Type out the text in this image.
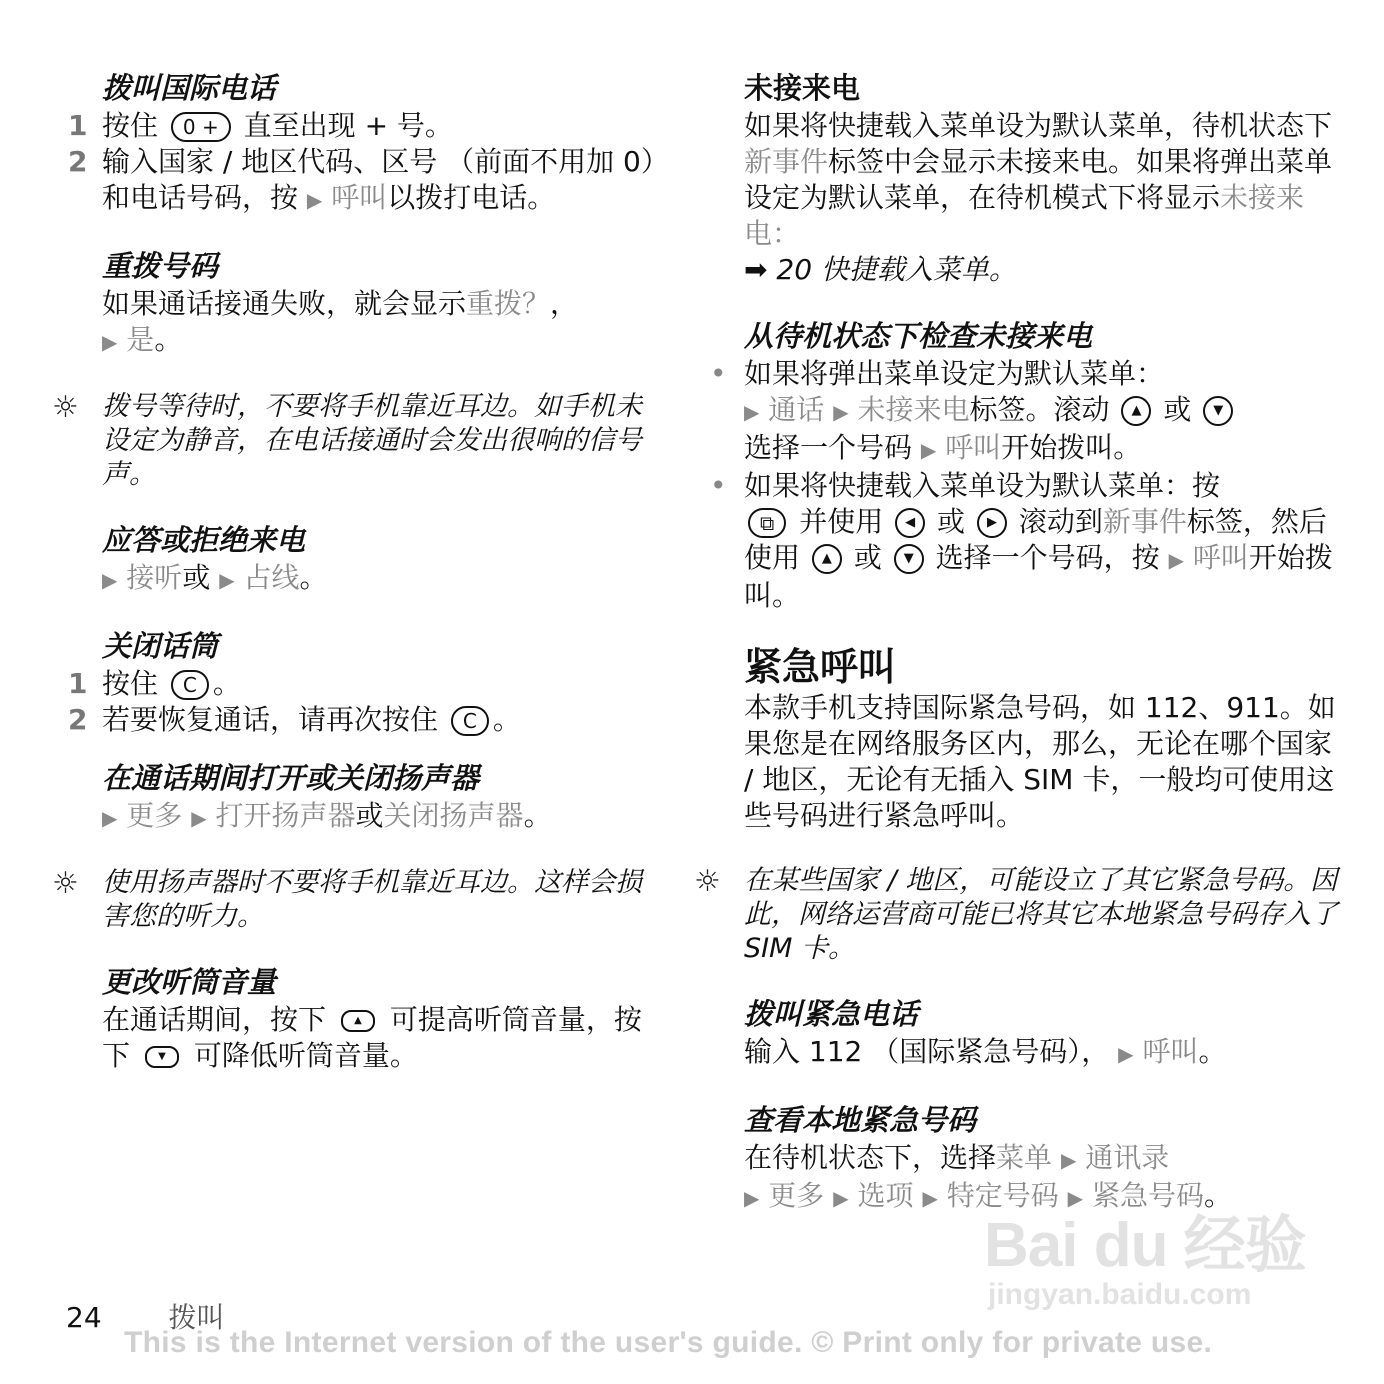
拨叫国际电话
1 按住 0 + 直至出现 + 号。
2 输入国家 / 地区代码、区号 （前面不用加 0）和电话号码，按 ▶ 呼叫以拨打电话。
重拨号码
如果通话接通失败，就会显示重拨？，
▶ 是。
☼ 拨号等待时，不要将手机靠近耳边。如手机未设定为静音，在电话接通时会发出很响的信号声。
应答或拒绝来电
▶ 接听或 ▶ 占线。
关闭话筒
1 按住 C 。
2 若要恢复通话，请再次按住 C 。
在通话期间打开或关闭扬声器
▶ 更多 ▶ 打开扬声器或关闭扬声器。
☼ 使用扬声器时不要将手机靠近耳边。这样会损害您的听力。
更改听筒音量
在通话期间，按下	▲ 可提高听筒音量，按下	▼ 可降低听筒音量。
未接来电
如果将快捷载入菜单设为默认菜单，待机状态下新事件标签中会显示未接来电。如果将弹出菜单设定为默认菜单，在待机模式下将显示未接来电：
➡ 20 快捷载入菜单。
从待机状态下检查未接来电
• 如果将弹出菜单设定为默认菜单：
▶ 通话 ▶ 未接来电标签。滚动 ▲ 或 ▼
选择一个号码 ▶ 呼叫开始拨叫。
• 如果将快捷载入菜单设为默认菜单：按
⧉ 并使用 ◀ 或 ▶ 滚动到新事件标签，然后使用 ▲ 或 ▼ 选择一个号码，按 ▶ 呼叫开始拨叫。
紧急呼叫
本款手机支持国际紧急号码，如 112、911。如果您是在网络服务区内，那么，无论在哪个国家 / 地区，无论有无插入 SIM 卡，一般均可使用这些号码进行紧急呼叫。
☼ 在某些国家 / 地区，可能设立了其它紧急号码。因此，网络运营商可能已将其它本地紧急号码存入了SIM 卡。
拨叫紧急电话
输入 112 （国际紧急号码）， ▶ 呼叫。
查看本地紧急号码
在待机状态下，选择菜单 ▶ 通讯录
▶ 更多 ▶ 选项 ▶ 特定号码 ▶ 紧急号码。
Bai du 经验
jingyan.baidu.com
24 拨叫
This is the Internet version of the user's guide. © Print only for private use.
